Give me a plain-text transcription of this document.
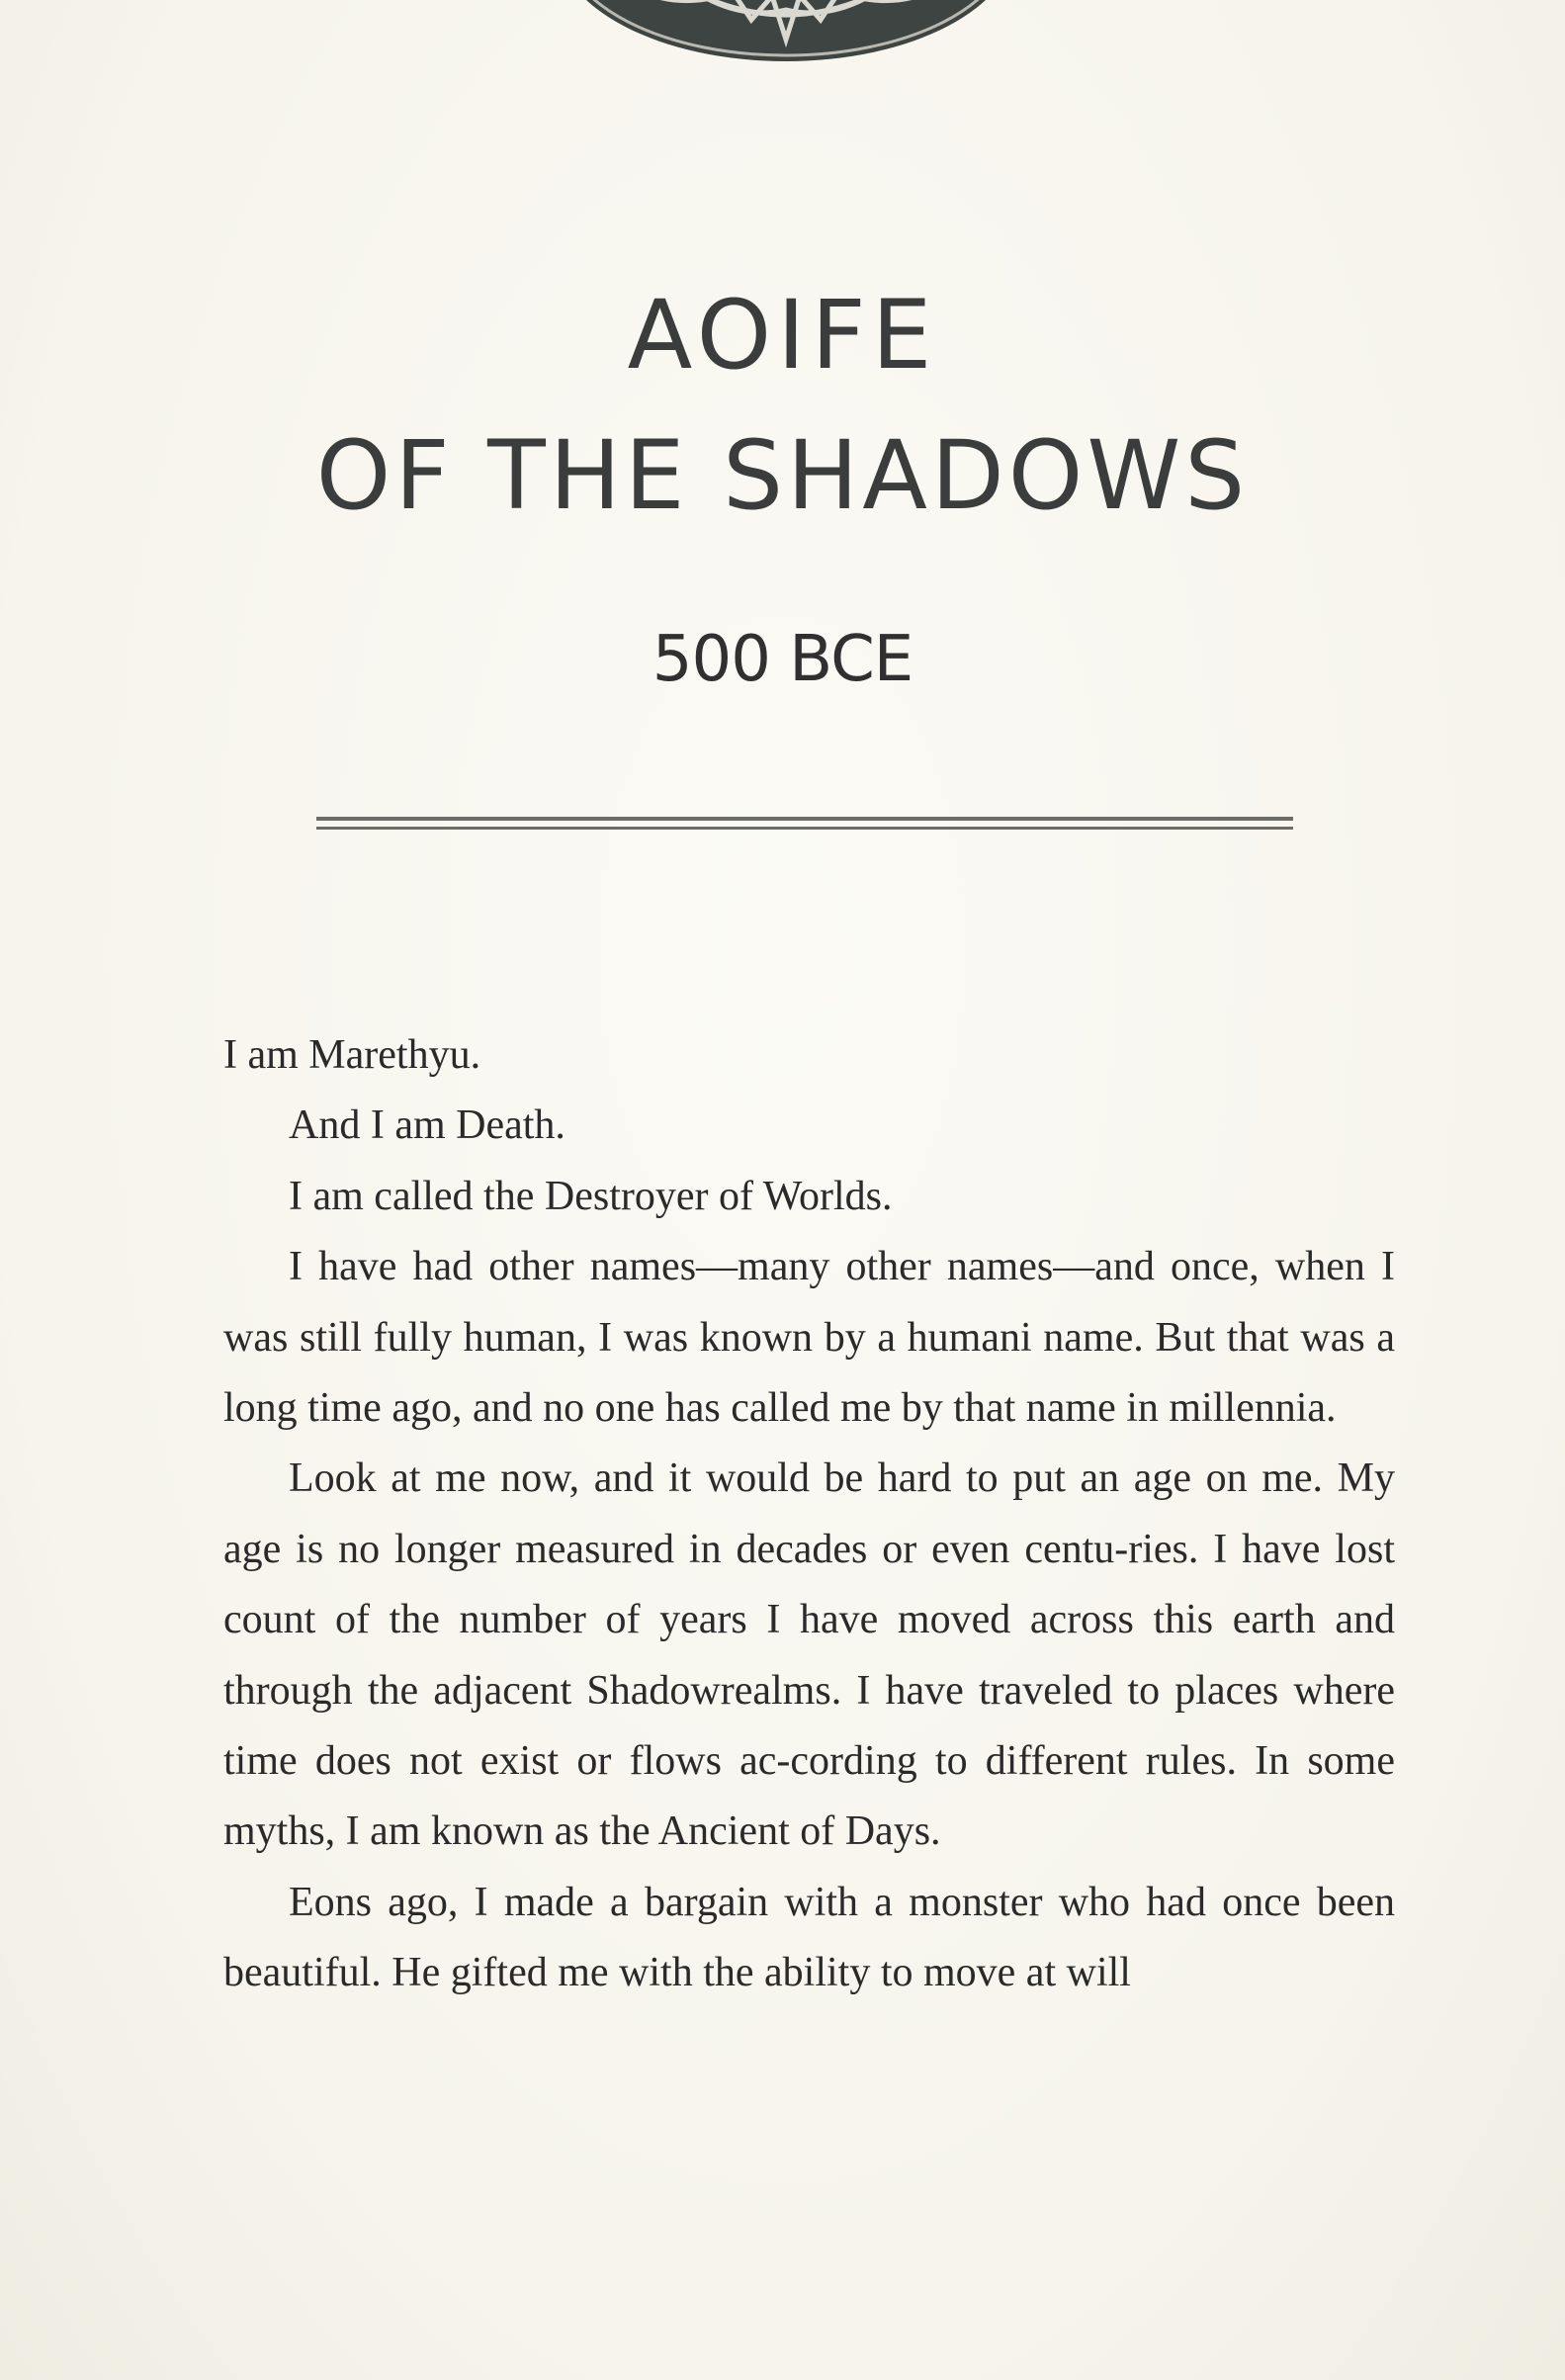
AOIFE
OF THE SHADOWS
500 BCE

I am Marethyu.

And I am Death.

I am called the Destroyer of Worlds.

I have had other names—many other names—and once, when I was still fully human, I was known by a humani name. But that was a long time ago, and no one has called me by that name in millennia.

Look at me now, and it would be hard to put an age on me. My age is no longer measured in decades or even centu-ries. I have lost count of the number of years I have moved across this earth and through the adjacent Shadowrealms. I have traveled to places where time does not exist or flows ac-cording to different rules. In some myths, I am known as the Ancient of Days.

Eons ago, I made a bargain with a monster who had once been beautiful. He gifted me with the ability to move at will
